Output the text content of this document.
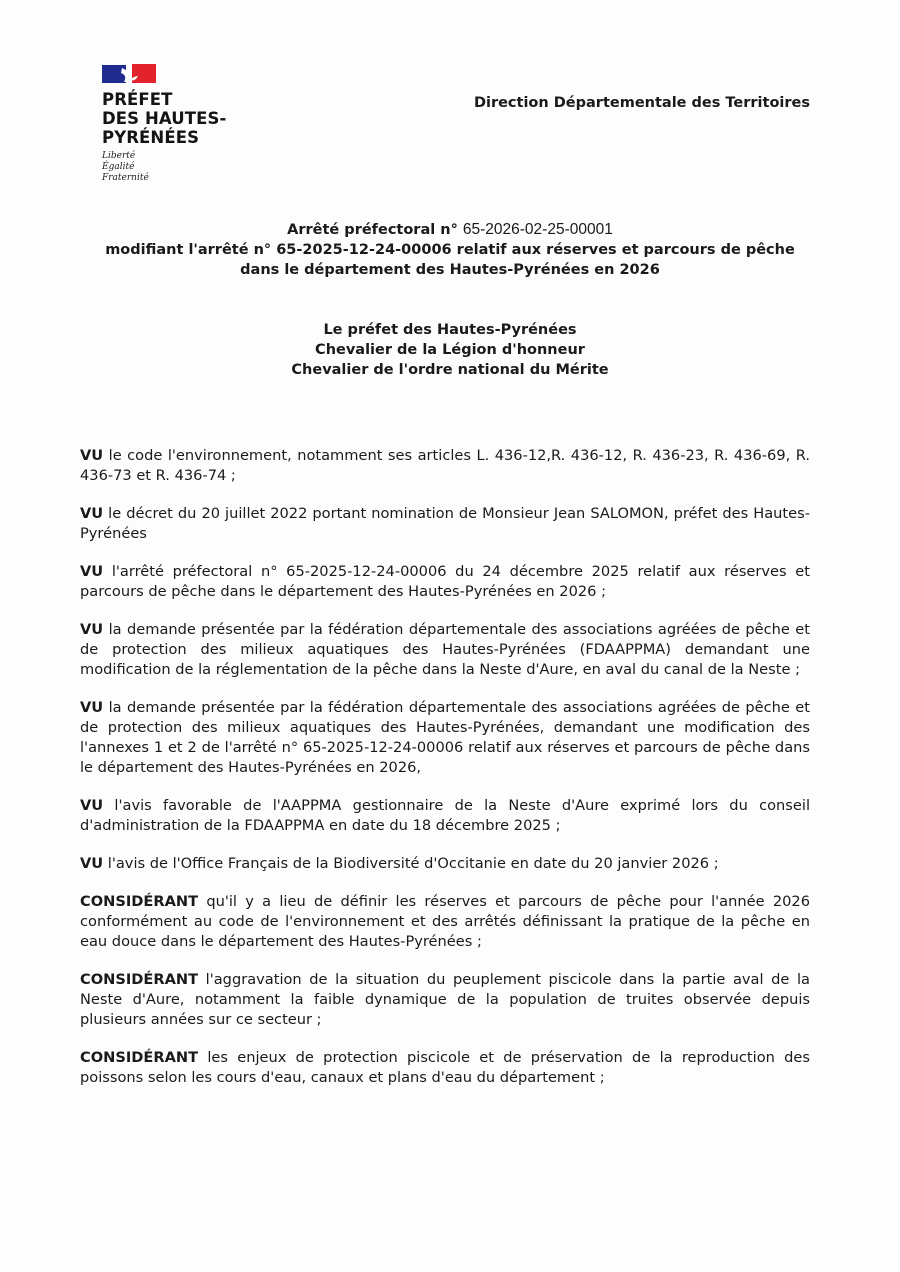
PRÉFET
DES HAUTES-
PYRÉNÉES
Liberté
Égalité
Fraternité
Direction Départementale des Territoires
Arrêté préfectoral n° 65-2026-02-25-00001
modifiant l'arrêté n° 65-2025-12-24-00006 relatif aux réserves et parcours de pêche
dans le département des Hautes-Pyrénées en 2026
Le préfet des Hautes-Pyrénées
Chevalier de la Légion d'honneur
Chevalier de l'ordre national du Mérite

VU le code l'environnement, notamment ses articles L. 436-12,R. 436-12, R. 436-23, R. 436-69, R. 436-73 et R. 436-74 ;

VU le décret du 20 juillet 2022 portant nomination de Monsieur Jean SALOMON, préfet des Hautes-Pyrénées

VU l'arrêté préfectoral n° 65-2025-12-24-00006 du 24 décembre 2025 relatif aux réserves et parcours de pêche dans le département des Hautes-Pyrénées en 2026 ;

VU la demande présentée par la fédération départementale des associations agréées de pêche et de protection des milieux aquatiques des Hautes-Pyrénées (FDAAPPMA) demandant une modification de la réglementation de la pêche dans la Neste d'Aure, en aval du canal de la Neste ;

VU la demande présentée par la fédération départementale des associations agréées de pêche et de protection des milieux aquatiques des Hautes-Pyrénées, demandant une modification des l'annexes 1 et 2 de l'arrêté n° 65-2025-12-24-00006 relatif aux réserves et parcours de pêche dans le département des Hautes-Pyrénées en 2026,

VU l'avis favorable de l'AAPPMA gestionnaire de la Neste d'Aure exprimé lors du conseil d'administration de la FDAAPPMA en date du 18 décembre 2025 ;

VU l'avis de l'Office Français de la Biodiversité d'Occitanie en date du 20 janvier 2026 ;

CONSIDÉRANT qu'il y a lieu de définir les réserves et parcours de pêche pour l'année 2026 conformément au code de l'environnement et des arrêtés définissant la pratique de la pêche en eau douce dans le département des Hautes-Pyrénées ;

CONSIDÉRANT l'aggravation de la situation du peuplement piscicole dans la partie aval de la Neste d'Aure, notamment la faible dynamique de la population de truites observée depuis plusieurs années sur ce secteur ;

CONSIDÉRANT les enjeux de protection piscicole et de préservation de la reproduction des poissons selon les cours d'eau, canaux et plans d'eau du département ;
